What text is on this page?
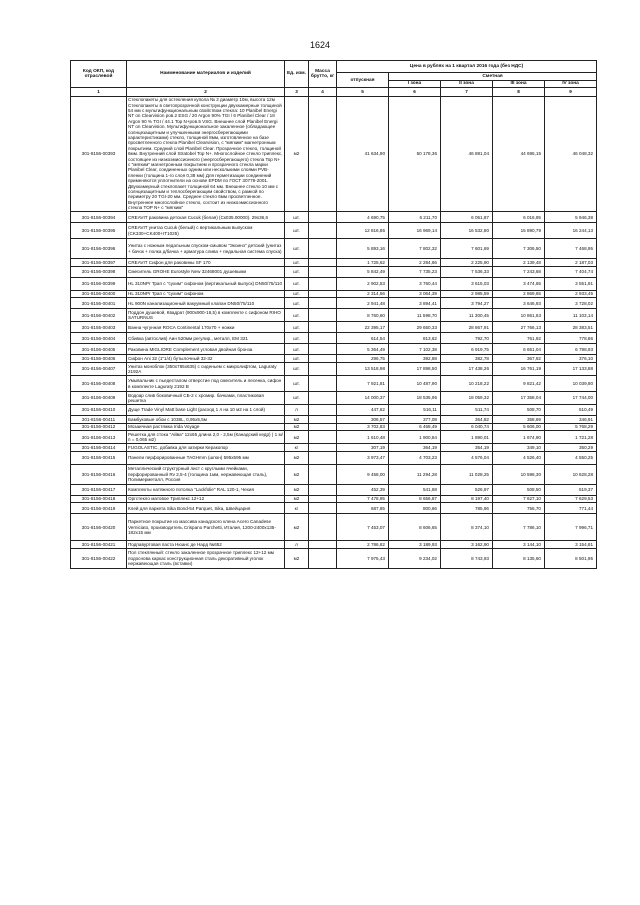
1624
Код ОКП, код отраслевой	Наименование материалов и изделий	Ед. изм.	Масса брутто, кг	Цена в рублях на 1 квартал 2016 года (без НДС)				
				отпускная	Сметная			
					I зона	II зона	III зона	IV зона
1	2	3	4	5	6	7	8	9
301-8156-00393	Стеклопакеты для остекления купола № 2 диаметр 10м, высота 12м Стеклопакеты в светопрозрачной конструкции двухкамерные толщиной 54 мм с мультифункциональным свойством стекла: 10 Planibel Energi NT on Clearvision ров.2 ESG / 20 Argon 90% TGI / 6 Planibel Clear / 18 Argon 90 % TGI / 44.1 Top N+ров.5 VSG. Внешнее слой Planibel Energi NT on Clearvision. Мультифункциональное закаленное (обладающее солнцезащитным и улучшенными энергосберегающими характеристиками) стекло, толщиной 8мм, изготовленное на базе просветленного стекла Planibel Clearvision, с "мягким" магнетронным покрытием. Средний слой Planibel Clear. Прозрачное стекло, толщиной 6мм. Внутренний слой Stratobel Top N+. Многослойное стекло триплекс, состоящее из низкоэмиссионного (энергосберегающего) стекла Top N+ с "мягким" магнетронным покрытием и прозрачного стекла марки Planibel Clear, соединенных одним или несколькими слоями PVB-пленки (толщина 1-го слоя 0,38 мм) Для герметизации соединений применяются уплотнители на основе EPDM по ГОСТ 30778-2001. Двухкамерный стеклопакет толщиной 64 мм. Внешнее стекло 10 мм с солнцезащитным и теплосберегающим свойством, с рамкой по периметру 20 TGI-20 мм. Среднее стекло 6мм просветленное. Внутреннее многослойное стекло, состоит из низкоэмиссионного стекла TOP N+ с "мягким"	м2		41 634,90	50 178,36	46 881,04	44 695,15	46 048,32
301-8156-00394	CREAVIT раковина детская Cucuk (белая) (Cк035.00000). 29х36,6	шт.		4 690,75	6 211,70	6 051,87	6 016,95	5 946,38
301-8156-00395	CREAVIT унитаз Cucuk (белый) с вертикальным выпуском (CK330+CK400+IT1025)	шт.		12 816,85	16 969,14	16 532,80	15 890,79	16 244,13
301-8156-00396	Унитаз с ножным педальным спуском-смывом "Экоинэ" детский (унитаз + бачок + полка д/бачка + арматура слива + педальная система спуска)	шт.		5 893,16	7 802,32	7 601,69	7 306,50	7 468,95
301-8156-00397	CREAVIT Сифон для раковины SF 170	шт.		1 725,62	2 284,66	2 225,90	2 139,48	2 187,03
301-8156-00398	Смеситель GROHE Eurostyle New 32468001 душевыми	шт.		5 842,49	7 735,23	7 536,33	7 243,68	7 404,74
301-8156-00399	HL 310NPr Трап с "сухим" сифоном (вертикальный выпуск) DN50/75/110	шт.		2 902,53	3 760,44	3 615,03	3 474,65	3 551,91
301-8156-00400	HL 310NPr Трап с "сухим" сифоном	шт.		2 314,56	3 064,39	2 985,59	2 869,65	2 933,45
301-8156-00401	HL 900N канализационный вакуумный клапан DN50/75/110	шт.		2 941,48	3 894,41	3 794,27	3 646,93	3 728,02
301-8156-00402	Поддон душевой, Квадрат (900х900-16,5) в комплекте с сифоном RIHO SATURNUS	шт.		8 760,60	11 598,70	11 300,45	10 861,63	11 103,14
301-8155-00403	Ванна чугунная ROCA Continental 170х70 + ножки	шт.		22 395,17	29 650,33	28 867,91	27 766,13	28 383,51
301-8156-00404	Сбивка (автослив) Аин 520мм регулир., металл, ЕМ 321	шт.		614,54	813,62	792,70	761,92	778,86
301-8156-00405	Раковина MIGLIORE Complement угловая двойная бронза	шт.		5 364,49	7 102,38	6 919,75	6 651,04	6 798,93
301-8156-00406	Сифон Ani 32 (1"1/4) бутылочный 32-32	шт.		296,75	392,88	382,78	367,92	376,10
301-8156-00407	Унитаз моноблок (350х785х635) с сиденьем с микролифтом, Laguraty 2192A	шт.		13 518,98	17 898,50	17 438,26	16 761,19	17 133,88
301-8156-00408	Умывальник с пьедесталом отверстие под смеситель и лесенка, сифон в комплекте Laguraty 2192 B	шт.		7 921,81	10 487,90	10 218,22	9 821,42	10 039,80
301-8156-00409	Водоар слив боковичный СБ-2 с хромир. бачками, пластиковая решетка	шт.		14 000,37	18 535,95	18 059,32	17 358,04	17 744,00
301-8156-00410	Дуще Trade Vinyl Matt base Light (расход 1 л на 10 м2 на 1 слой)	л		447,62	516,11	511,74	508,70	510,49
301-8156-00411	Бамбуковые обои с 1038L, 0,95х5,5м	м2		306,57	377,08	364,82	358,69	346,91
301-8156-00412	Мозаичная растяжка Irida Voyage	м2		3 702,83	6 468,49	6 040,74	5 606,00	5 768,29
301-8156-00413	Решетка для стока "Айва" 12х65 длина 2,0 - 2,5м (Канадский кедр) ( 1 м/п = 0,065 м2)	м2		1 610,48	1 900,84	1 890,01	1 674,90	1 721,28
301-8156-00414	FUGOLASTIC, добавка для затирки Керакопор	кг		307,19	364,19	354,19	349,10	350,29
301-8156-00415	Панели перфорированные TAGHmm (шпон) 595х595 мм	м2		3 973,47	4 703,23	4 576,04	4 526,40	4 550,25
301-8156-00416	Металлический структурный лист с круглыми ячейками, перфорированный Rv 2,5-4 (толщина 1мм, нержавеющая сталь), Полимерметалл, Россия	м2		9 458,00	11 294,28	11 028,25	10 598,30	10 628,28
301-8156-00417	Комплекты натяжного потолка "Lackfolie" RAL 120-1, Чехия	м2		452,39	541,68	526,97	508,50	519,37
301-8156-00418	Оргстекло матовое Триплекс 12+12	м2		7 478,95	8 656,87	8 197,40	7 627,10	7 629,53
301-8156-00419	Клей для паркета Sika Bond-54 Parquet, Sika, Швейцария	кг		687,85	800,66	785,96	756,70	771,44
301-8156-00420	Паркетное покрытие из массива канадского клена Acero Canadese Verniciato, производитель Crispano Parchetti, Италия, 1200-2400х135-182х15 мм	м2		7 453,07	8 606,65	8 374,10	7 786,10	7 996,71
301-8156-00421	Подпавуртовая паста Нюанс де Нард №652	л		2 786,82	3 189,93	3 162,90	3 144,10	3 154,81
301-8156-00422	Пол стеклянный: стекло закаленное прозрачное триплекс 12+12 мм подоснова каркас конструкционная сталь декоративный уголок нержавеющая сталь (вставки)	м2		7 975,43	9 234,02	8 743,93	8 135,60	8 501,95
